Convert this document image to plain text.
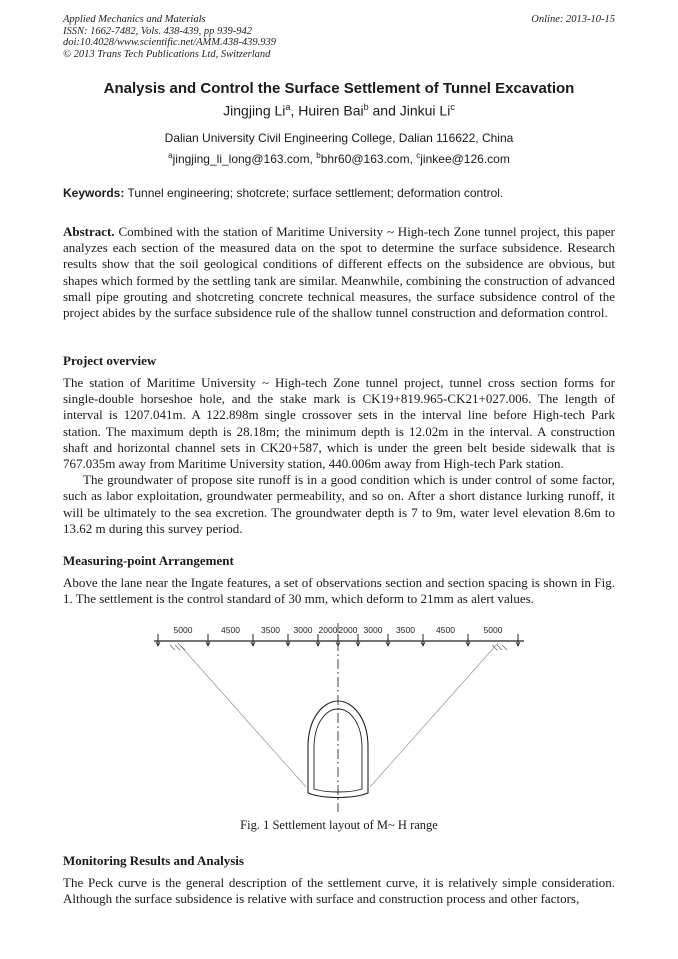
Applied Mechanics and Materials
ISSN: 1662-7482, Vols. 438-439, pp 939-942
doi:10.4028/www.scientific.net/AMM.438-439.939
© 2013 Trans Tech Publications Ltd, Switzerland
Online: 2013-10-15
Analysis and Control the Surface Settlement of Tunnel Excavation
Jingjing Li$^a$, Huiren Bai$^b$ and Jinkui Li$^c$
Dalian University Civil Engineering College, Dalian 116622, China
$^a$jingjing_li_long@163.com, $^b$bhr60@163.com, $^c$jinkee@126.com
Keywords: Tunnel engineering; shotcrete; surface settlement; deformation control.

Abstract. Combined with the station of Maritime University ~ High-tech Zone tunnel project, this paper analyzes each section of the measured data on the spot to determine the surface subsidence. Research results show that the soil geological conditions of different effects on the subsidence are obvious, but shapes which formed by the settling tank are similar. Meanwhile, combining the construction of advanced small pipe grouting and shotcreting concrete technical measures, the surface subsidence control of the project abides by the surface subsidence rule of the shallow tunnel construction and deformation control.

Project overview

The station of Maritime University ~ High-tech Zone tunnel project, tunnel cross section forms for single-double horseshoe hole, and the stake mark is CK19+819.965-CK21+027.006. The length of interval is 1207.041m. A 122.898m single crossover sets in the interval line before High-tech Park station. The maximum depth is 28.18m; the minimum depth is 12.02m in the interval. A construction shaft and horizontal channel sets in CK20+587, which is under the green belt beside sidewalk that is 767.035m away from Maritime University station, 440.006m away from High-tech Park station.

The groundwater of propose site runoff is in a good condition which is under control of some factor, such as labor exploitation, groundwater permeability, and so on. After a short distance lurking runoff, it will be ultimately to the sea excretion. The groundwater depth is 7 to 9m, water level elevation 8.6m to 13.62 m during this survey period.

Measuring-point Arrangement

Above the lane near the Ingate features, a set of observations section and section spacing is shown in Fig. 1. The settlement is the control standard of 30 mm, which deform to 21mm as alert values.

5000	4500 3500 3000 2000 2000 3000 3500 4500	5000
Fig. 1 Settlement layout of M~ H range
Monitoring Results and Analysis

The Peck curve is the general description of the settlement curve, it is relatively simple consideration. Although the surface subsidence is relative with surface and construction process and other factors,
